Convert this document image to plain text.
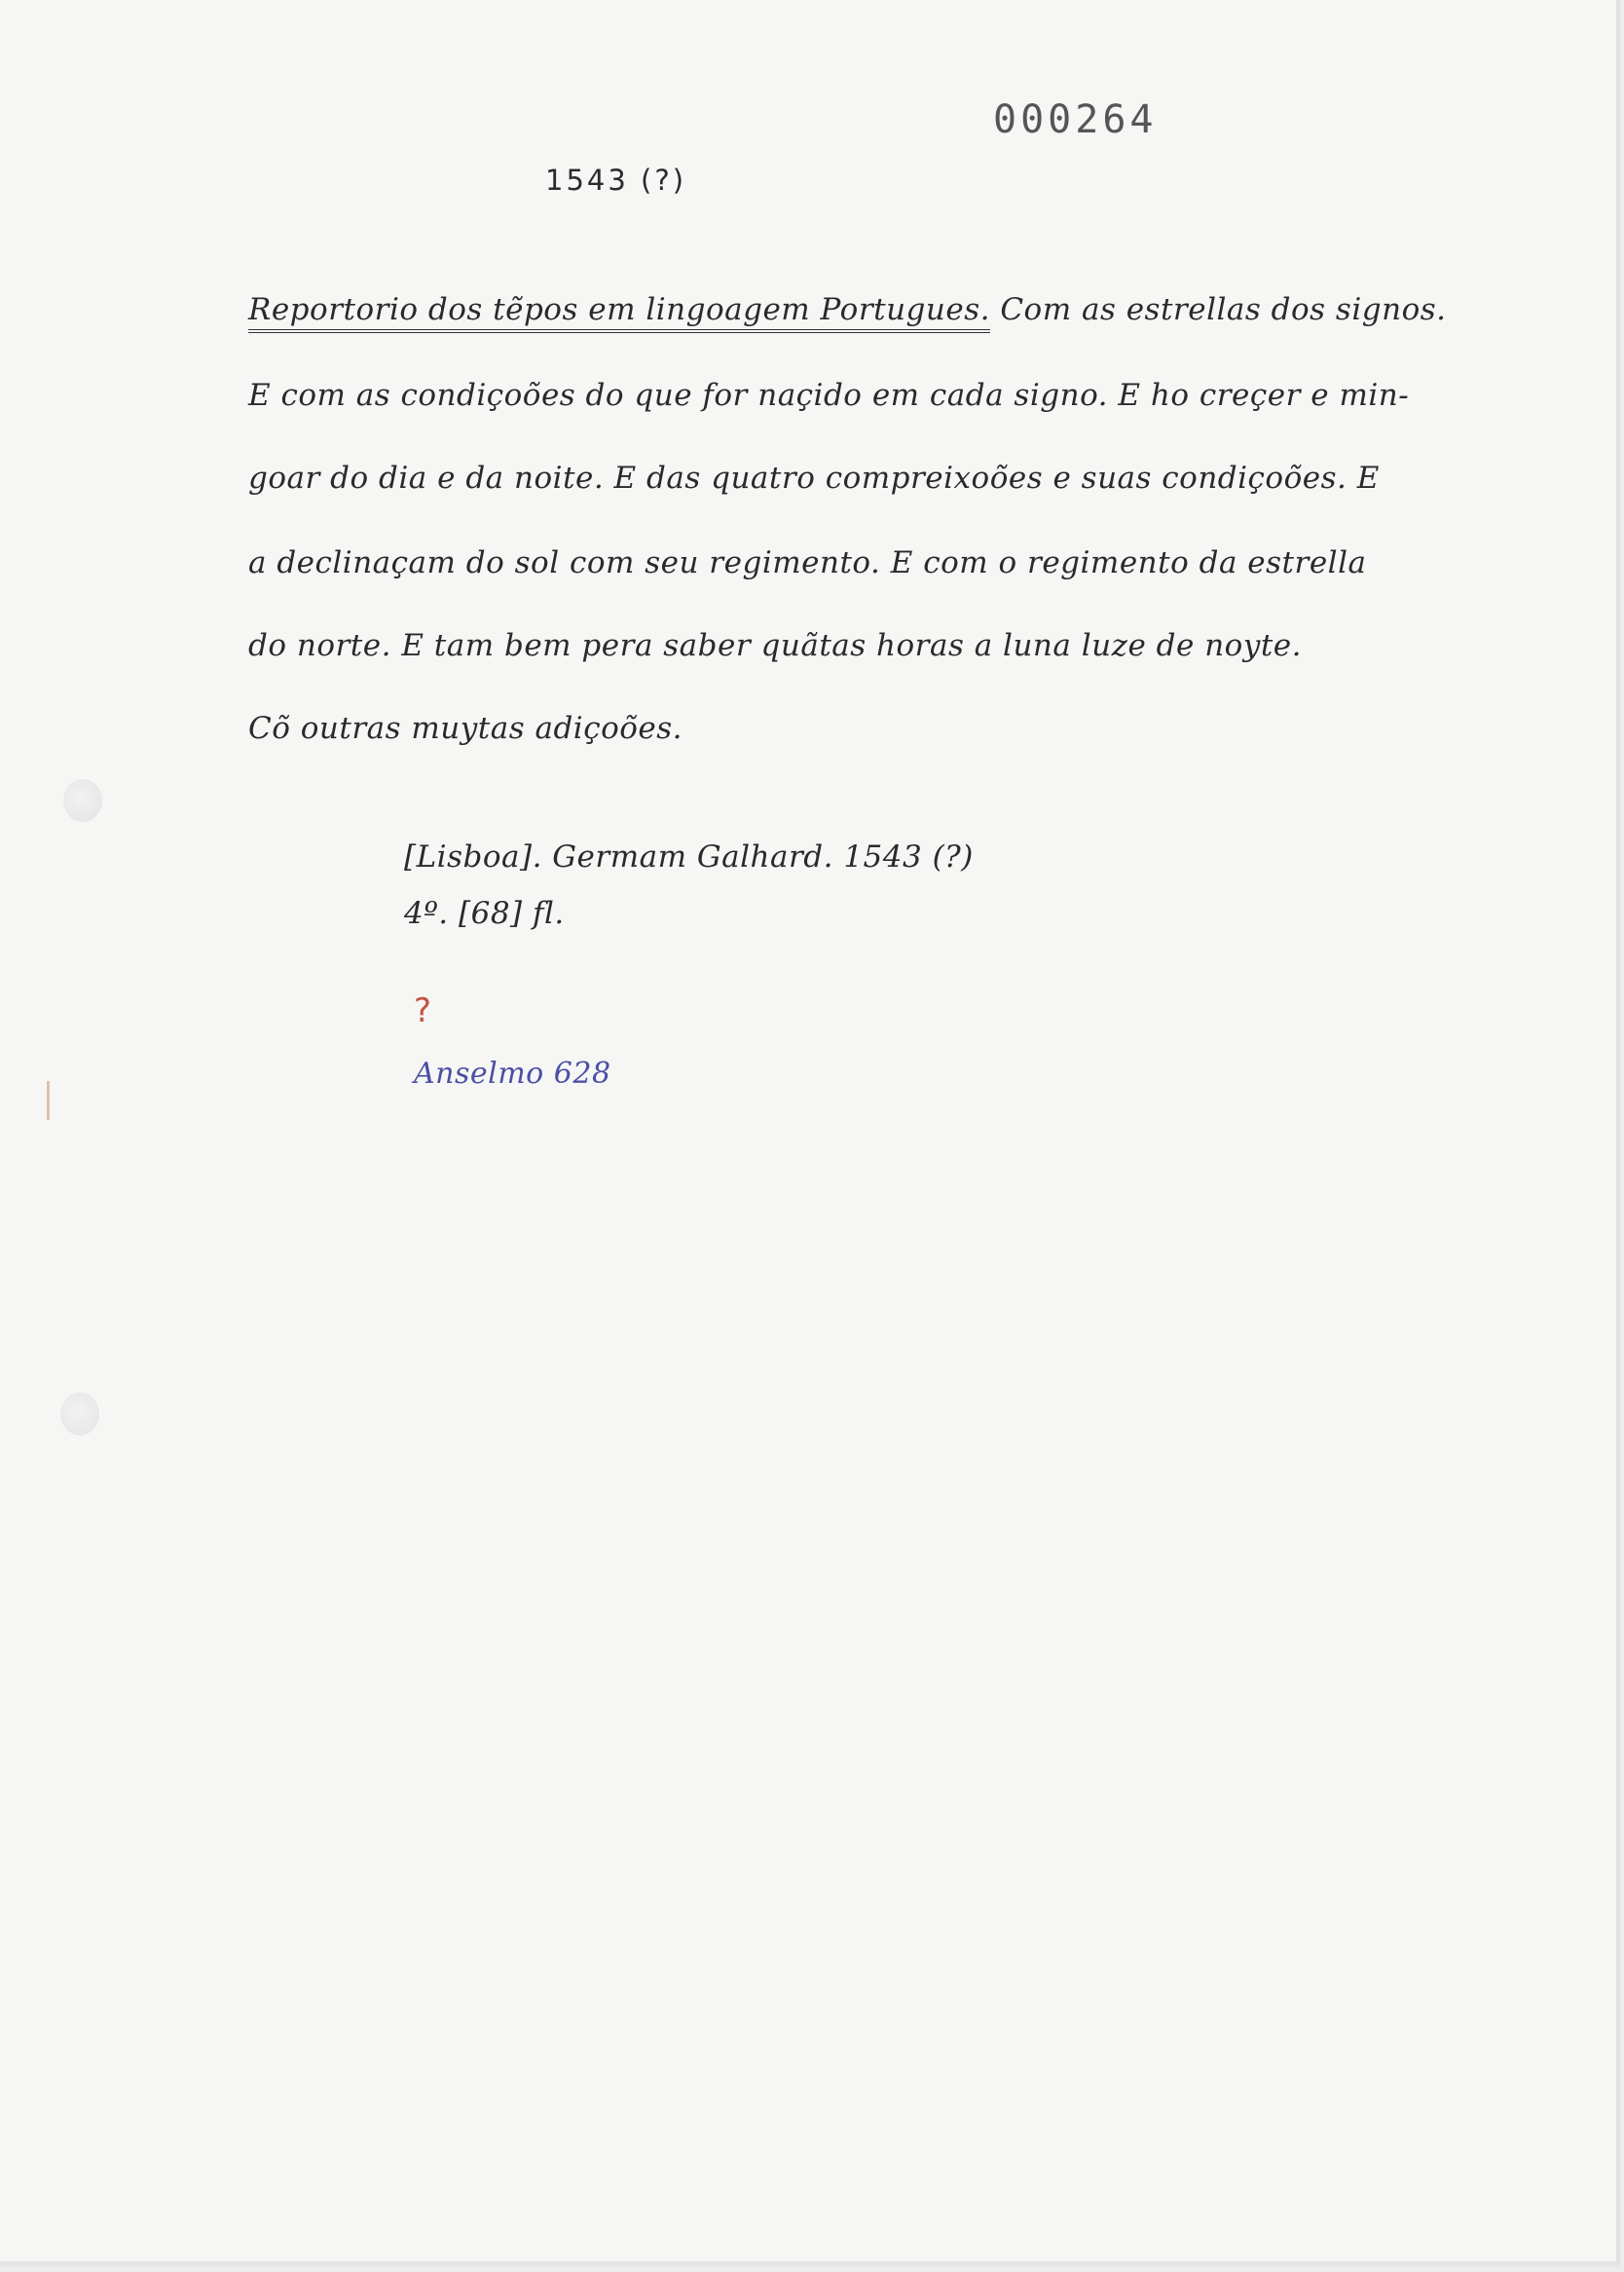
000264
1543 (?)
Reportorio dos tẽpos em lingoagem Portugues. Com as estrellas dos signos.
E com as condiçoões do que for naçido em cada signo. E ho creçer e min-
goar do dia e da noite. E das quatro compreixoões e suas condiçoões. E
a declinaçam do sol com seu regimento. E com o regimento da estrella
do norte. E tam bem pera saber quãtas horas a luna luze de noyte.
Cõ outras muytas adiçoões.
[Lisboa]. Germam Galhard. 1543 (?)
4º. [68] fl.
?
Anselmo 628
